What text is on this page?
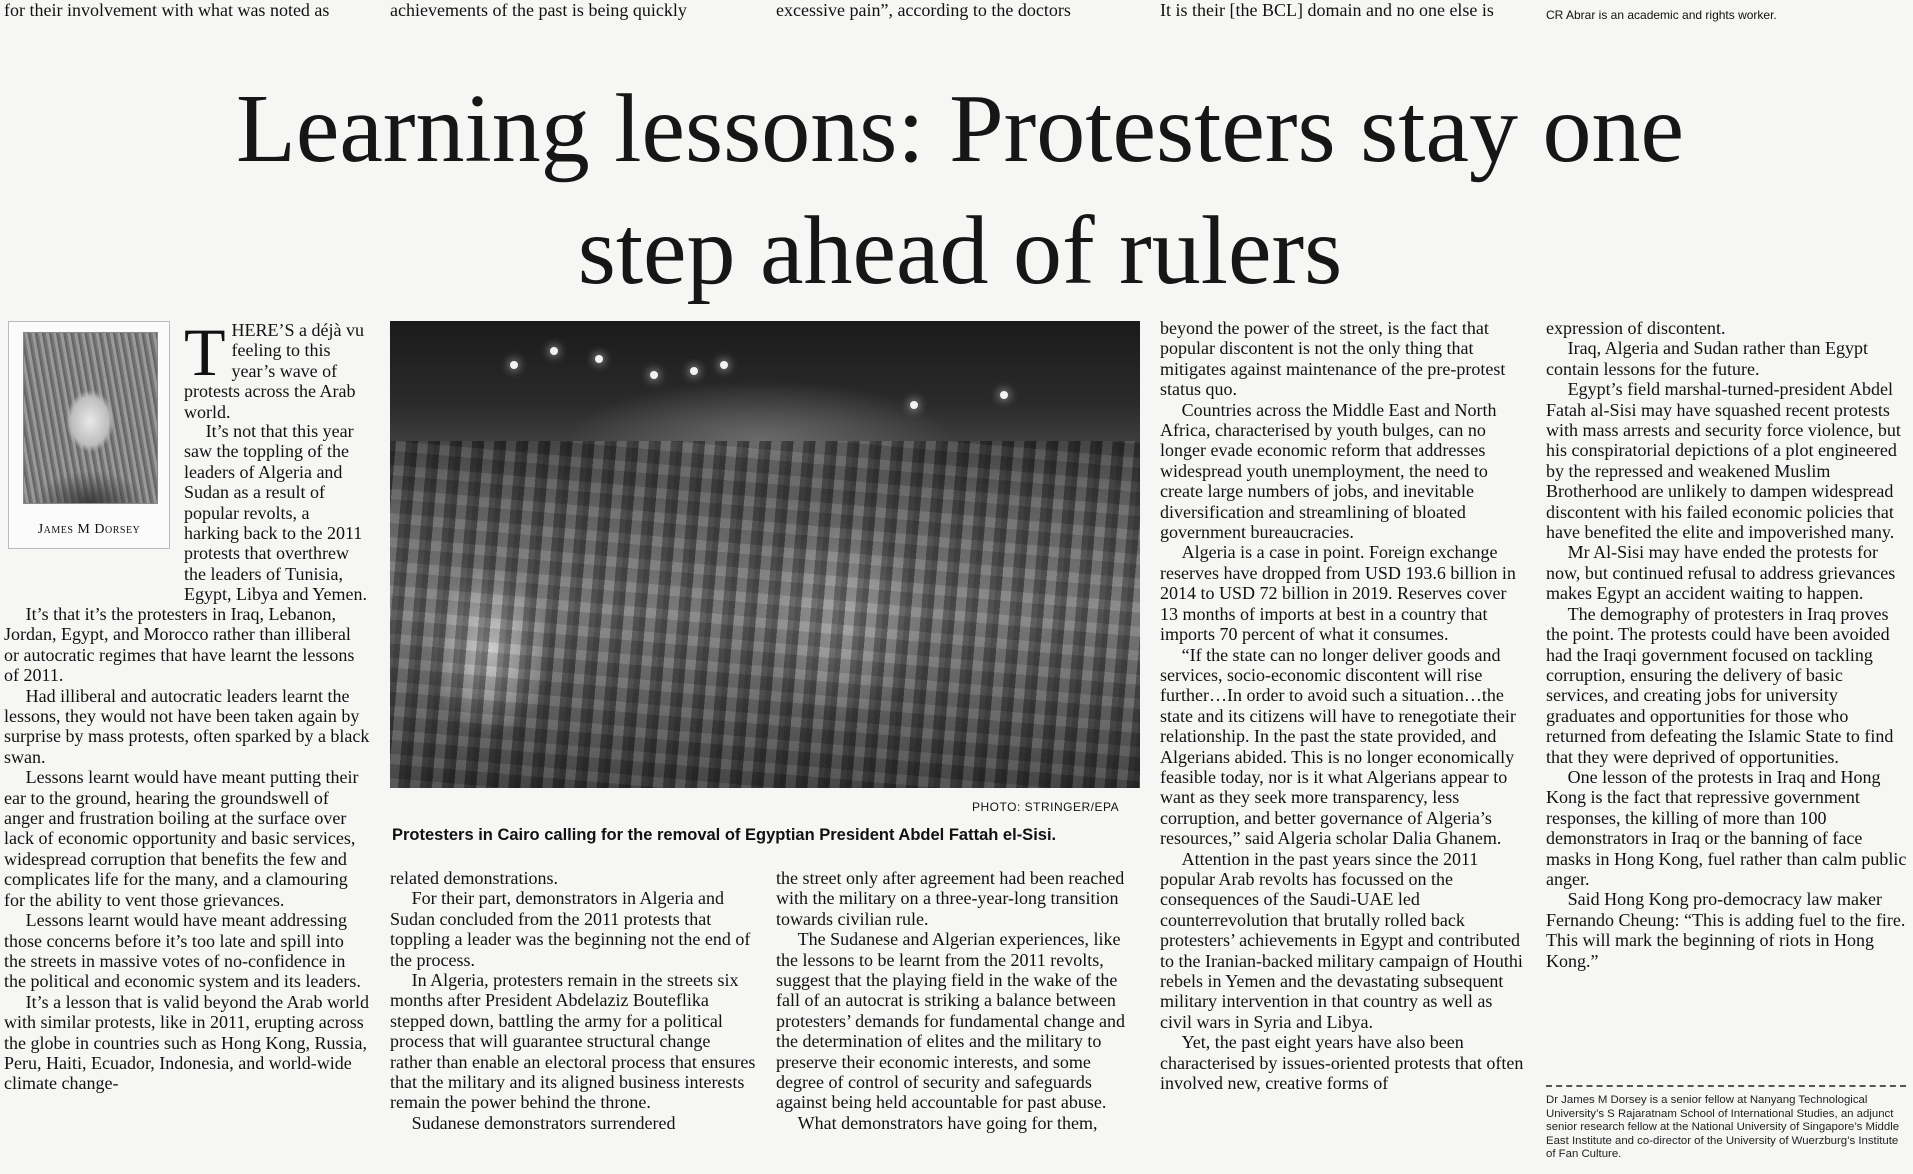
for their involvement with what was noted as	achievements of the past is being quickly	excessive pain”, according to the doctors	It is their [the BCL] domain and no one else is	CR Abrar is an academic and rights worker.
Learning lessons: Protesters stay one step ahead of rulers
James M Dorsey

THERE’S a déjà vu feeling to this year’s wave of protests across the Arab world.

It’s not that this year saw the toppling of the leaders of Algeria and Sudan as a result of popular revolts, a harking back to the 2011 protests that overthrew the leaders of Tunisia, Egypt, Libya and Yemen.

It’s that it’s the protesters in Iraq, Lebanon, Jordan, Egypt, and Morocco rather than illiberal or autocratic regimes that have learnt the lessons of 2011.

Had illiberal and autocratic leaders learnt the lessons, they would not have been taken again by surprise by mass protests, often sparked by a black swan.

Lessons learnt would have meant putting their ear to the ground, hearing the groundswell of anger and frustration boiling at the surface over lack of economic opportunity and basic services, widespread corruption that benefits the few and complicates life for the many, and a clamouring for the ability to vent those grievances.

Lessons learnt would have meant addressing those concerns before it’s too late and spill into the streets in massive votes of no-confidence in the political and economic system and its leaders.

It’s a lesson that is valid beyond the Arab world with similar protests, like in 2011, erupting across the globe in countries such as Hong Kong, Russia, Peru, Haiti, Ecuador, Indonesia, and world-wide climate change-

PHOTO: STRINGER/EPA
Protesters in Cairo calling for the removal of Egyptian President Abdel Fattah el-Sisi.

related demonstrations.

For their part, demonstrators in Algeria and Sudan concluded from the 2011 protests that toppling a leader was the beginning not the end of the process.

In Algeria, protesters remain in the streets six months after President Abdelaziz Bouteflika stepped down, battling the army for a political process that will guarantee structural change rather than enable an electoral process that ensures that the military and its aligned business interests remain the power behind the throne.

Sudanese demonstrators surrendered

the street only after agreement had been reached with the military on a three-year-long transition towards civilian rule.

The Sudanese and Algerian experiences, like the lessons to be learnt from the 2011 revolts, suggest that the playing field in the wake of the fall of an autocrat is striking a balance between protesters’ demands for fundamental change and the determination of elites and the military to preserve their economic interests, and some degree of control of security and safeguards against being held accountable for past abuse.

What demonstrators have going for them,

beyond the power of the street, is the fact that popular discontent is not the only thing that mitigates against maintenance of the pre-protest status quo.

Countries across the Middle East and North Africa, characterised by youth bulges, can no longer evade economic reform that addresses widespread youth unemployment, the need to create large numbers of jobs, and inevitable diversification and streamlining of bloated government bureaucracies.

Algeria is a case in point. Foreign exchange reserves have dropped from USD 193.6 billion in 2014 to USD 72 billion in 2019. Reserves cover 13 months of imports at best in a country that imports 70 percent of what it consumes.

“If the state can no longer deliver goods and services, socio-economic discontent will rise further…In order to avoid such a situation…the state and its citizens will have to renegotiate their relationship. In the past the state provided, and Algerians abided. This is no longer economically feasible today, nor is it what Algerians appear to want as they seek more transparency, less corruption, and better governance of Algeria’s resources,” said Algeria scholar Dalia Ghanem.

Attention in the past years since the 2011 popular Arab revolts has focussed on the consequences of the Saudi-UAE led counterrevolution that brutally rolled back protesters’ achievements in Egypt and contributed to the Iranian-backed military campaign of Houthi rebels in Yemen and the devastating subsequent military intervention in that country as well as civil wars in Syria and Libya.

Yet, the past eight years have also been characterised by issues-oriented protests that often involved new, creative forms of

expression of discontent.

Iraq, Algeria and Sudan rather than Egypt contain lessons for the future.

Egypt’s field marshal-turned-president Abdel Fatah al-Sisi may have squashed recent protests with mass arrests and security force violence, but his conspiratorial depictions of a plot engineered by the repressed and weakened Muslim Brotherhood are unlikely to dampen widespread discontent with his failed economic policies that have benefited the elite and impoverished many.

Mr Al-Sisi may have ended the protests for now, but continued refusal to address grievances makes Egypt an accident waiting to happen.

The demography of protesters in Iraq proves the point. The protests could have been avoided had the Iraqi government focused on tackling corruption, ensuring the delivery of basic services, and creating jobs for university graduates and opportunities for those who returned from defeating the Islamic State to find that they were deprived of opportunities.

One lesson of the protests in Iraq and Hong Kong is the fact that repressive government responses, the killing of more than 100 demonstrators in Iraq or the banning of face masks in Hong Kong, fuel rather than calm public anger.

Said Hong Kong pro-democracy law maker Fernando Cheung: “This is adding fuel to the fire. This will mark the beginning of riots in Hong Kong.”

Dr James M Dorsey is a senior fellow at Nanyang Technological University’s S Rajaratnam School of International Studies, an adjunct senior research fellow at the National University of Singapore’s Middle East Institute and co-director of the University of Wuerzburg’s Institute of Fan Culture.
